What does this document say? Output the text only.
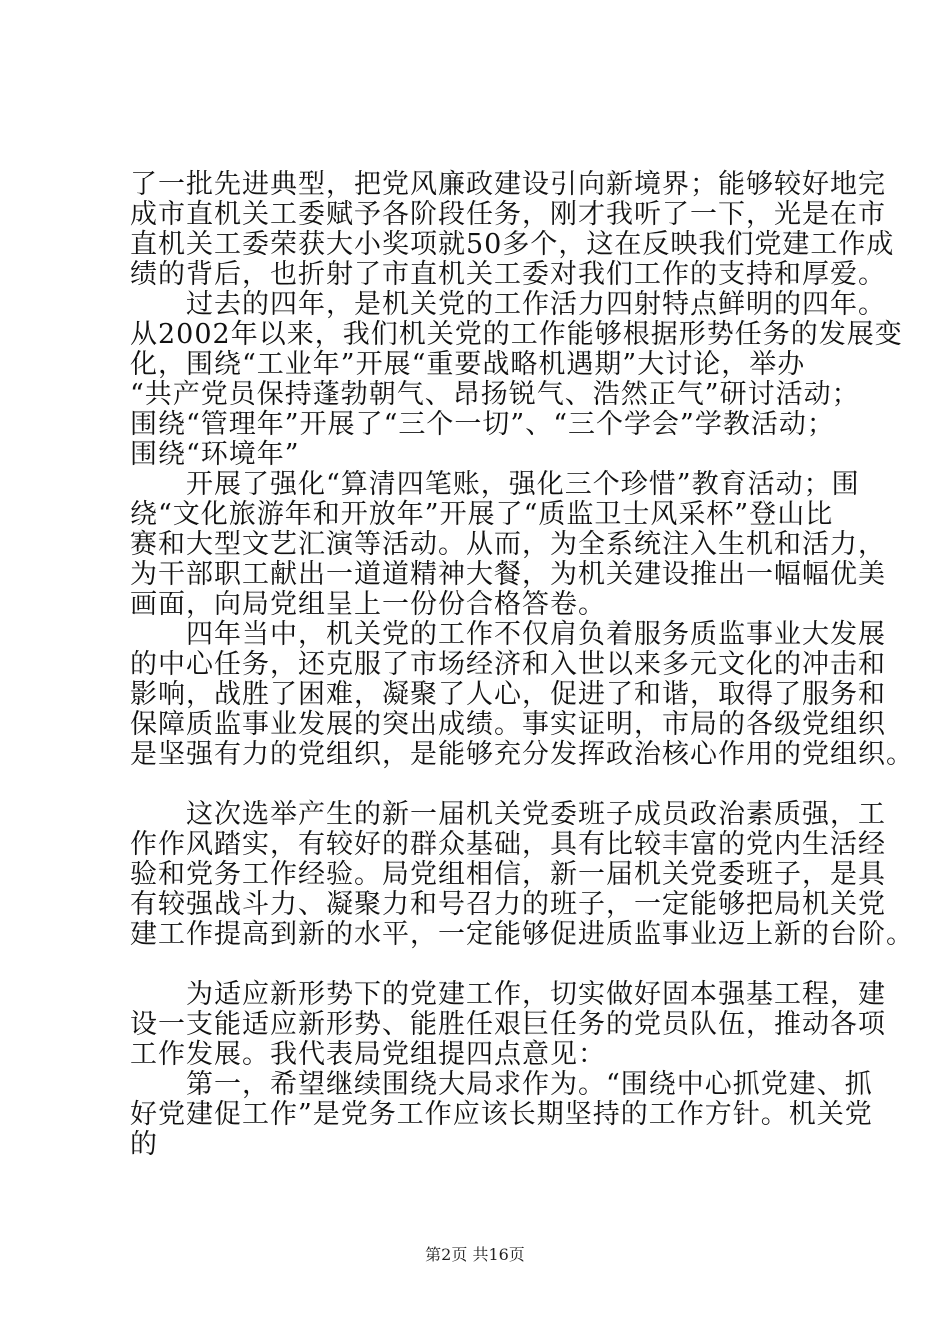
了一批先进典型，把党风廉政建设引向新境界；能够较好地完
成市直机关工委赋予各阶段任务，刚才我听了一下，光是在市
直机关工委荣获大小奖项就50多个，这在反映我们党建工作成
绩的背后，也折射了市直机关工委对我们工作的支持和厚爱。
　　过去的四年，是机关党的工作活力四射特点鲜明的四年。
从2002年以来，我们机关党的工作能够根据形势任务的发展变
化，围绕“工业年”开展“重要战略机遇期”大讨论，举办
“共产党员保持蓬勃朝气、昂扬锐气、浩然正气”研讨活动；
围绕“管理年”开展了“三个一切”、“三个学会”学教活动；
围绕“环境年”
　　开展了强化“算清四笔账，强化三个珍惜”教育活动；围
绕“文化旅游年和开放年”开展了“质监卫士风采杯”登山比
赛和大型文艺汇演等活动。从而，为全系统注入生机和活力，
为干部职工献出一道道精神大餐，为机关建设推出一幅幅优美
画面，向局党组呈上一份份合格答卷。
　　四年当中，机关党的工作不仅肩负着服务质监事业大发展
的中心任务，还克服了市场经济和入世以来多元文化的冲击和
影响，战胜了困难，凝聚了人心，促进了和谐，取得了服务和
保障质监事业发展的突出成绩。事实证明，市局的各级党组织
是坚强有力的党组织，是能够充分发挥政治核心作用的党组织。
　　这次选举产生的新一届机关党委班子成员政治素质强，工
作作风踏实，有较好的群众基础，具有比较丰富的党内生活经
验和党务工作经验。局党组相信，新一届机关党委班子，是具
有较强战斗力、凝聚力和号召力的班子，一定能够把局机关党
建工作提高到新的水平，一定能够促进质监事业迈上新的台阶。
　　为适应新形势下的党建工作，切实做好固本强基工程，建
设一支能适应新形势、能胜任艰巨任务的党员队伍，推动各项
工作发展。我代表局党组提四点意见：
　　第一，希望继续围绕大局求作为。“围绕中心抓党建、抓
好党建促工作”是党务工作应该长期坚持的工作方针。机关党
的
第2页 共16页
